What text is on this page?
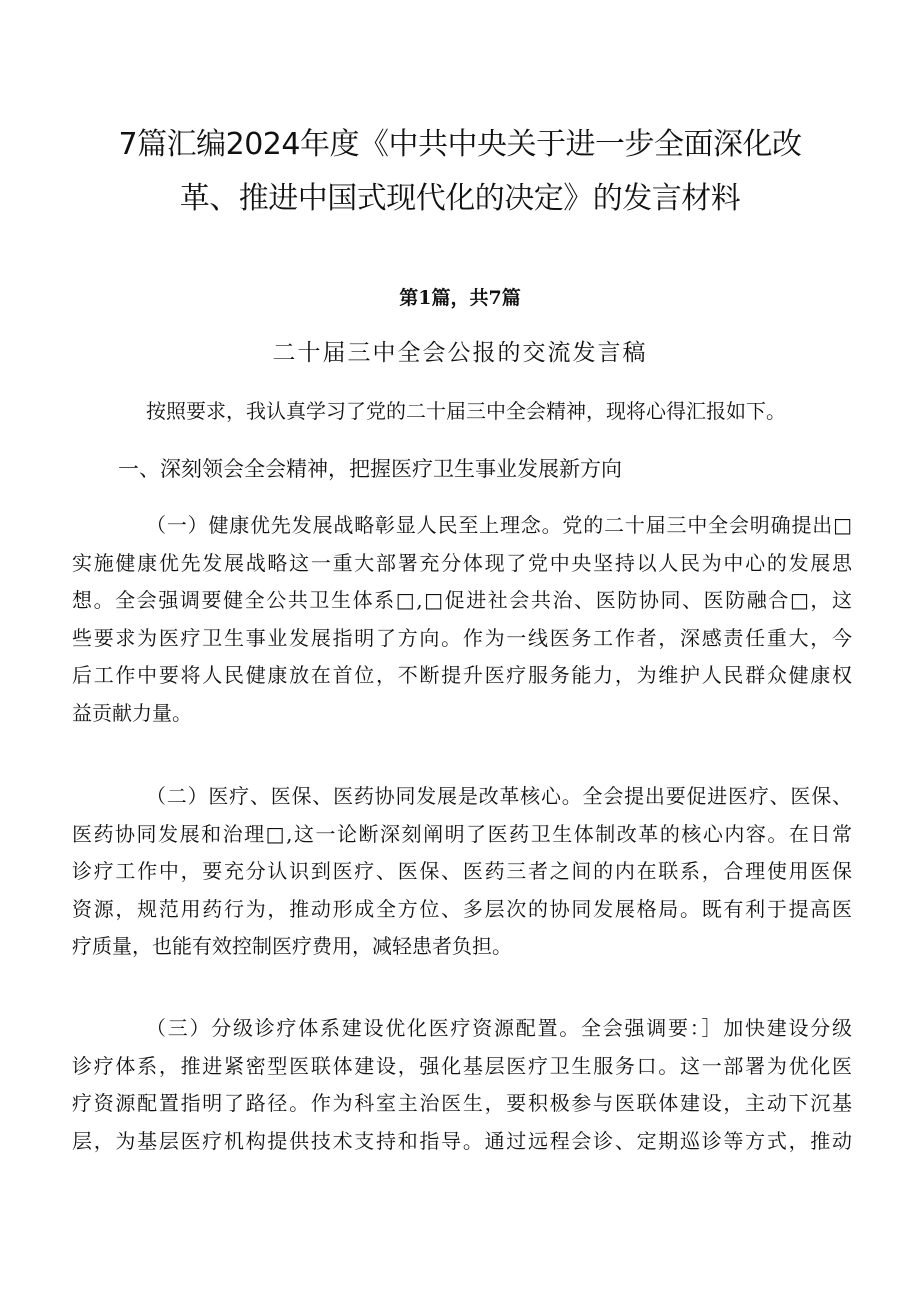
7篇汇编2024年度《中共中央关于进一步全面深化改
革、推进中国式现代化的决定》的发言材料
第1篇，共7篇
二十届三中全会公报的交流发言稿
按照要求，我认真学习了党的二十届三中全会精神，现将心得汇报如下。
一、深刻领会全会精神，把握医疗卫生事业发展新方向
（一）健康优先发展战略彰显人民至上理念。党的二十届三中全会明确提出□
实施健康优先发展战略这一重大部署充分体现了党中央坚持以人民为中心的发展思
想。全会强调要健全公共卫生体系□,□促进社会共治、医防协同、医防融合□，这
些要求为医疗卫生事业发展指明了方向。作为一线医务工作者，深感责任重大，今
后工作中要将人民健康放在首位，不断提升医疗服务能力，为维护人民群众健康权
益贡献力量。
（二）医疗、医保、医药协同发展是改革核心。全会提出要促进医疗、医保、
医药协同发展和治理□,这一论断深刻阐明了医药卫生体制改革的核心内容。在日常
诊疗工作中，要充分认识到医疗、医保、医药三者之间的内在联系，合理使用医保
资源，规范用药行为，推动形成全方位、多层次的协同发展格局。既有利于提高医
疗质量，也能有效控制医疗费用，减轻患者负担。
（三）分级诊疗体系建设优化医疗资源配置。全会强调要：］加快建设分级
诊疗体系，推进紧密型医联体建设，强化基层医疗卫生服务口。这一部署为优化医
疗资源配置指明了路径。作为科室主治医生，要积极参与医联体建设，主动下沉基
层，为基层医疗机构提供技术支持和指导。通过远程会诊、定期巡诊等方式，推动
